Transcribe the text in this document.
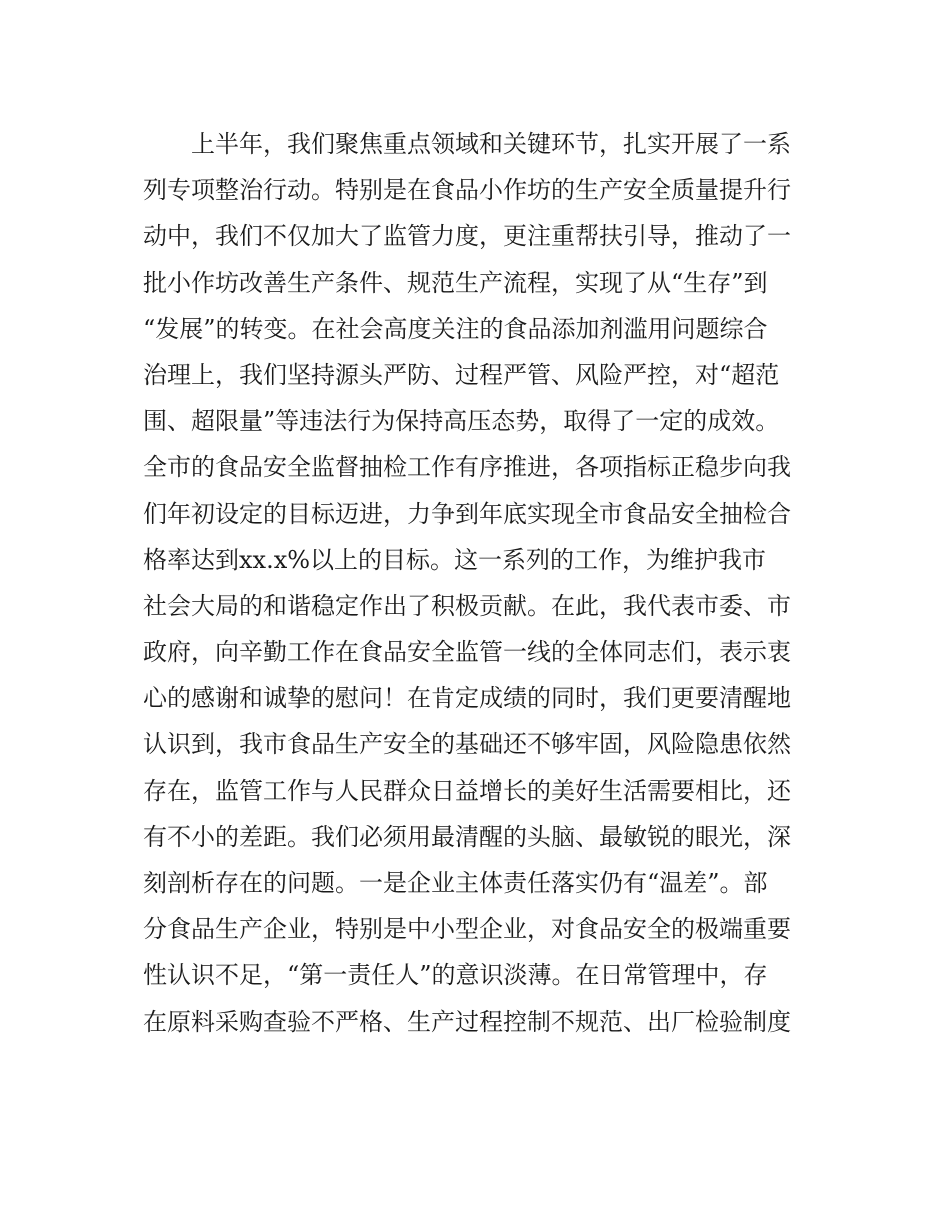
上半年，我们聚焦重点领域和关键环节，扎实开展了一系
列专项整治行动。特别是在食品小作坊的生产安全质量提升行
动中，我们不仅加大了监管力度，更注重帮扶引导，推动了一
批小作坊改善生产条件、规范生产流程，实现了从“生存”到
“发展”的转变。在社会高度关注的食品添加剂滥用问题综合
治理上，我们坚持源头严防、过程严管、风险严控，对“超范
围、超限量”等违法行为保持高压态势，取得了一定的成效。
全市的食品安全监督抽检工作有序推进，各项指标正稳步向我
们年初设定的目标迈进，力争到年底实现全市食品安全抽检合
格率达到xx.x%以上的目标。这一系列的工作，为维护我市
社会大局的和谐稳定作出了积极贡献。在此，我代表市委、市
政府，向辛勤工作在食品安全监管一线的全体同志们，表示衷
心的感谢和诚挚的慰问！在肯定成绩的同时，我们更要清醒地
认识到，我市食品生产安全的基础还不够牢固，风险隐患依然
存在，监管工作与人民群众日益增长的美好生活需要相比，还
有不小的差距。我们必须用最清醒的头脑、最敏锐的眼光，深
刻剖析存在的问题。一是企业主体责任落实仍有“温差”。部
分食品生产企业，特别是中小型企业，对食品安全的极端重要
性认识不足，“第一责任人”的意识淡薄。在日常管理中，存
在原料采购查验不严格、生产过程控制不规范、出厂检验制度
